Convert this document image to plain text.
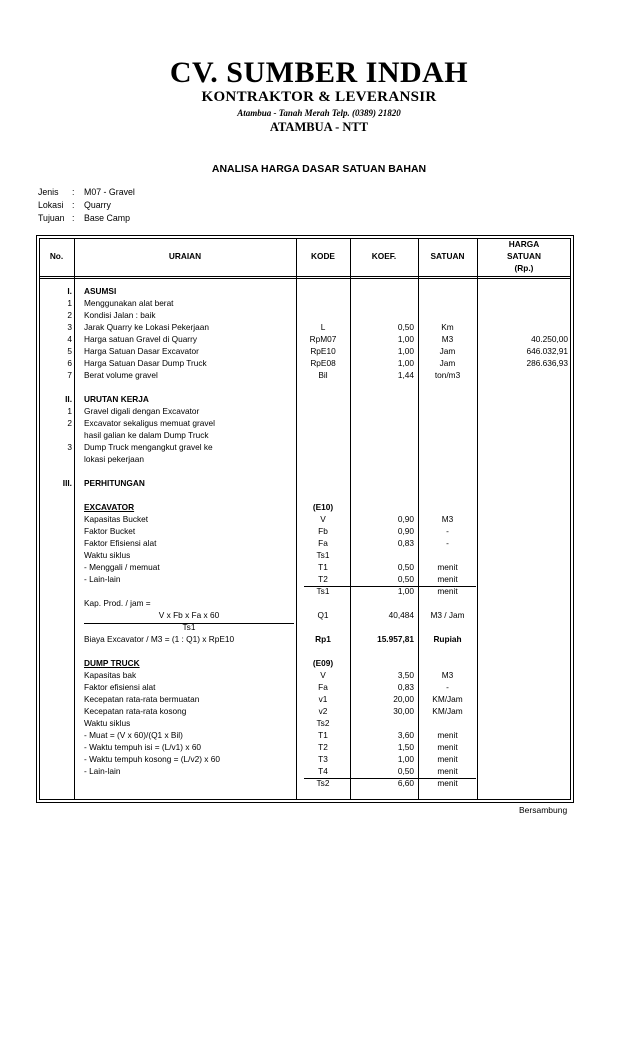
CV. SUMBER INDAH
KONTRAKTOR & LEVERANSIR
Atambua - Tanah Merah Telp. (0389) 21820
ATAMBUA - NTT
ANALISA HARGA DASAR SATUAN BAHAN
Jenis : M07 - Gravel
Lokasi : Quarry
Tujuan : Base Camp
No.	URAIAN	KODE	KOEF.	SATUAN
HARGA
SATUAN
(Rp.)
I. ASUMSI
1 Menggunakan alat berat
2 Kondisi Jalan : baik
3 Jarak Quarry ke Lokasi Pekerjaan	L	0,50	Km
4 Harga satuan Gravel di Quarry	RpM07	1,00	M3	40.250,00
5 Harga Satuan Dasar Excavator	RpE10	1,00	Jam	646.032,91
6 Harga Satuan Dasar Dump Truck	RpE08	1,00	Jam	286.636,93
7 Berat volume gravel	Bil	1,44	ton/m3
II. URUTAN KERJA
1 Gravel digali dengan Excavator
2 Excavator sekaligus memuat gravel
hasil galian ke dalam Dump Truck
3 Dump Truck mengangkut gravel ke
lokasi pekerjaan
III. PERHITUNGAN
EXCAVATOR	(E10)
Kapasitas Bucket	V	0,90	M3
Faktor Bucket	Fb	0,90	-
Faktor Efisiensi alat	Fa	0,83	-
Waktu siklus	Ts1
- Menggali / memuat	T1	0,50	menit
- Lain-lain	T2	0,50	menit
Ts1	1,00	menit
Kap. Prod. / jam =
V x Fb x Fa x 60	Q1	40,484	M3 / Jam
Ts1
Biaya Excavator / M3 = (1 : Q1) x RpE10	Rp1	15.957,81	Rupiah
DUMP TRUCK	(E09)
Kapasitas bak	V	3,50	M3
Faktor efisiensi alat	Fa	0,83	-
Kecepatan rata-rata bermuatan	v1	20,00	KM/Jam
Kecepatan rata-rata kosong	v2	30,00	KM/Jam
Waktu siklus	Ts2
- Muat = (V x 60)/(Q1 x Bil)	T1	3,60	menit
- Waktu tempuh isi = (L/v1) x 60	T2	1,50	menit
- Waktu tempuh kosong = (L/v2) x 60	T3	1,00	menit
- Lain-lain	T4	0,50	menit
Ts2	6,60	menit
Bersambung
